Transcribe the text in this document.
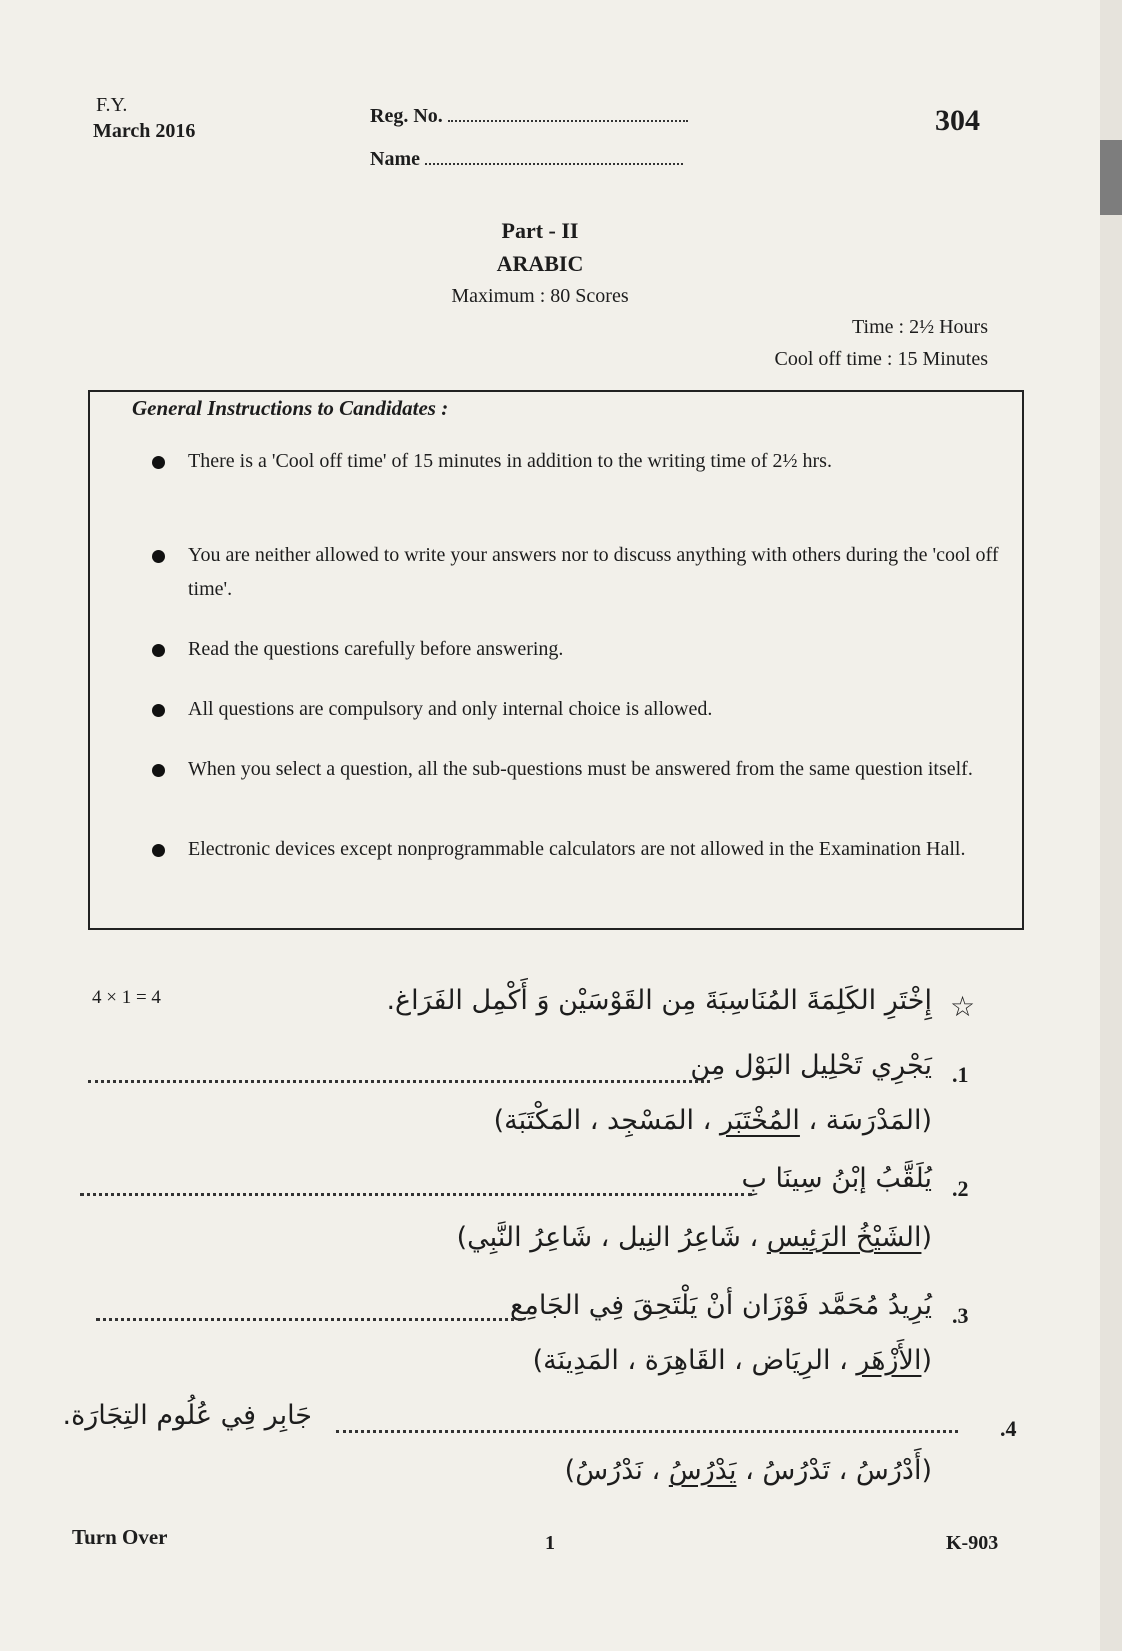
F.Y.
March 2016
Reg. No.
Name
304
Part - II
ARABIC
Maximum : 80 Scores
Time : 2½ Hours
Cool off time : 15 Minutes
General Instructions to Candidates :
There is a 'Cool off time' of 15 minutes in addition to the writing time of 2½ hrs.
You are neither allowed to write your answers nor to discuss anything with others during the 'cool off time'.
Read the questions carefully before answering.
All questions are compulsory and only internal choice is allowed.
When you select a question, all the sub-questions must be answered from the same question itself.
Electronic devices except nonprogrammable calculators are not allowed in the Examination Hall.
4 × 1 = 4	☆
إِخْتَرِ الكَلِمَةَ المُنَاسِبَةَ مِن القَوْسَيْن وَ أَكْمِل الفَرَاغ.
.1
يَجْرِي تَحْلِيل البَوْل مِن
(المَدْرَسَة ، المُخْتَبَر ، المَسْجِد ، المَكْتَبَة)
.2
يُلَقَّبُ إبْنُ سِينَا بِ
(الشَيْخُ الرَئِيس ، شَاعِرُ النِيل ، شَاعِرُ النَّبِي)
.3
يُرِيدُ مُحَمَّد فَوْزَان أنْ يَلْتَحِقَ فِي الجَامِع
(الأَزْهَر ، الرِيَاض ، القَاهِرَة ، المَدِينَة)
.4
جَابِر فِي عُلُوم التِجَارَة.
(أَدْرُسُ ، تَدْرُسُ ، يَدْرُسُ ، نَدْرُسُ)
Turn Over	1	K-903
